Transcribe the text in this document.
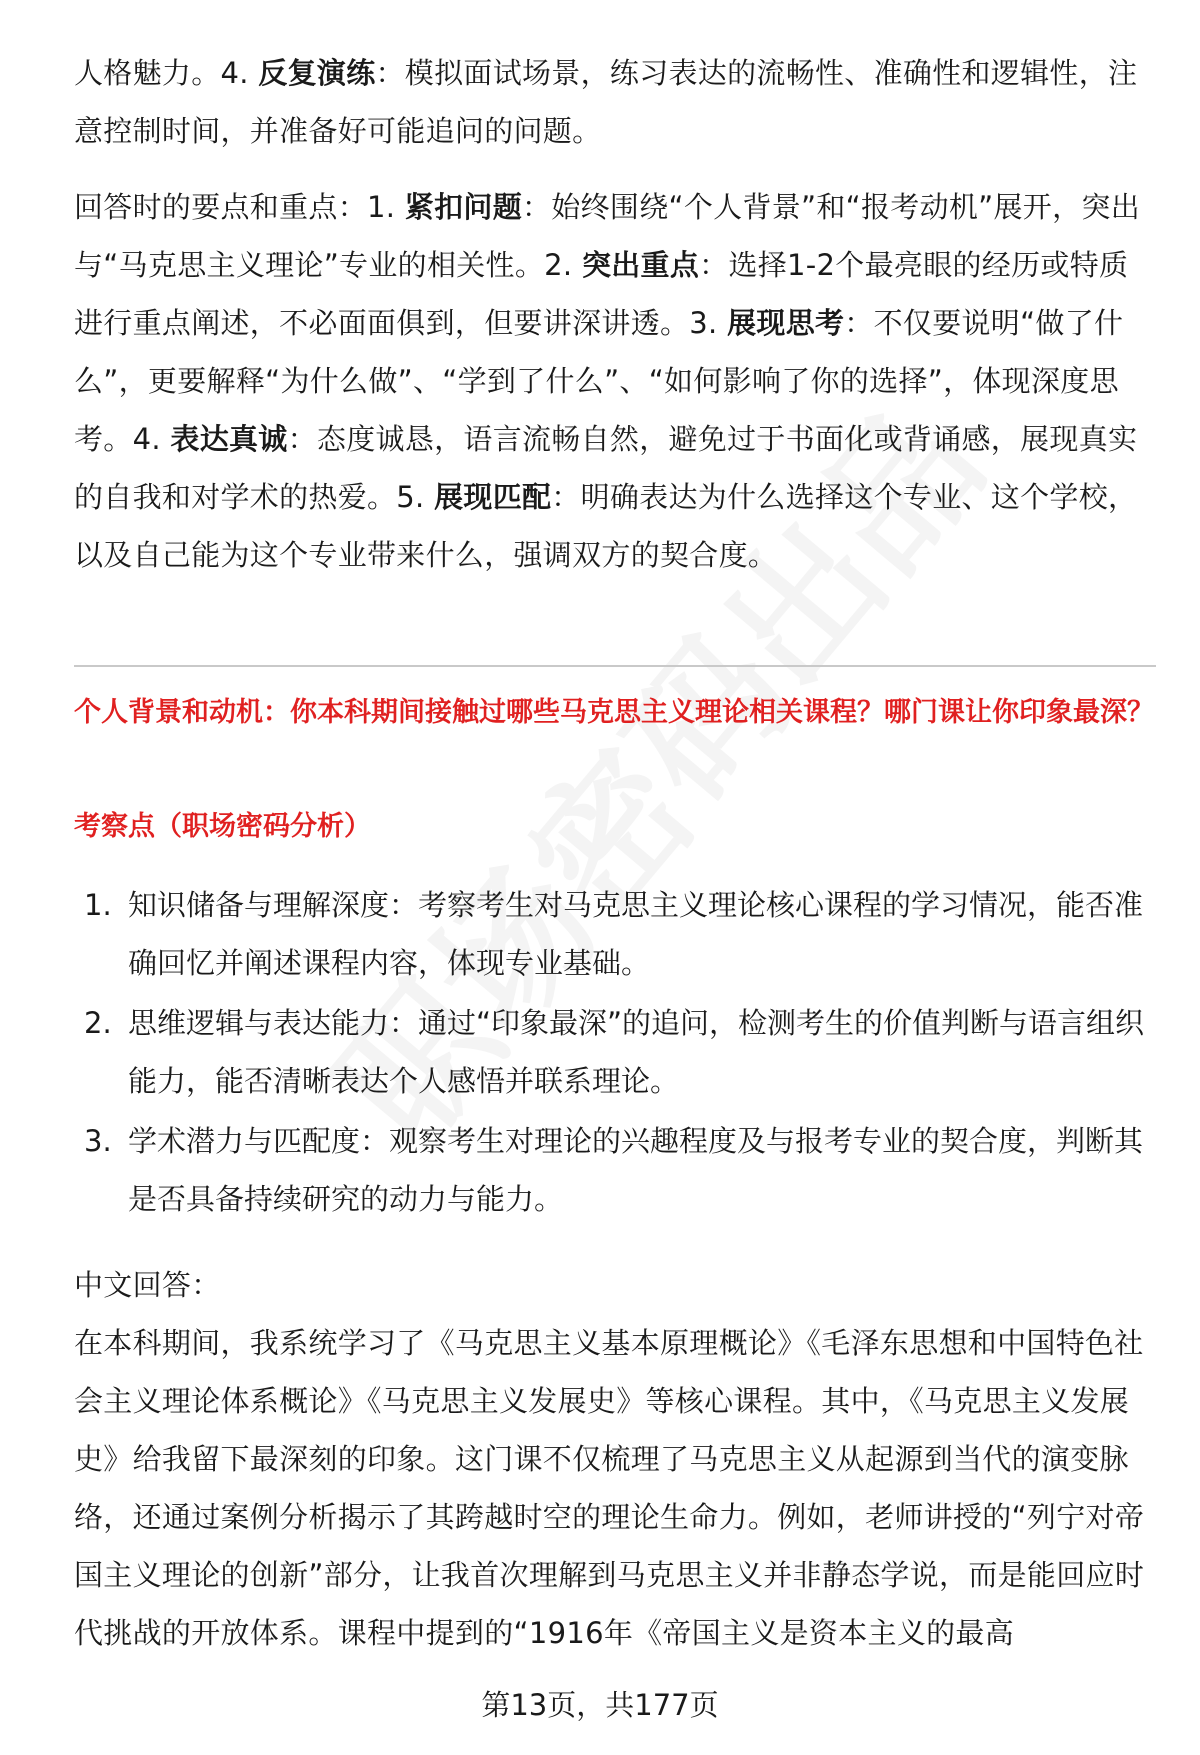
人格魅力。4. 反复演练：模拟面试场景，练习表达的流畅性、准确性和逻辑性，注意控制时间，并准备好可能追问的问题。

回答时的要点和重点：1. 紧扣问题：始终围绕“个人背景”和“报考动机”展开，突出与“马克思主义理论”专业的相关性。2. 突出重点：选择1-2个最亮眼的经历或特质进行重点阐述，不必面面俱到，但要讲深讲透。3. 展现思考：不仅要说明“做了什么”，更要解释“为什么做”、“学到了什么”、“如何影响了你的选择”，体现深度思考。4. 表达真诚：态度诚恳，语言流畅自然，避免过于书面化或背诵感，展现真实的自我和对学术的热爱。5. 展现匹配：明确表达为什么选择这个专业、这个学校，以及自己能为这个专业带来什么，强调双方的契合度。

个人背景和动机：你本科期间接触过哪些马克思主义理论相关课程？哪门课让你印象最深？

考察点（职场密码分析）

1. 知识储备与理解深度：考察考生对马克思主义理论核心课程的学习情况，能否准确回忆并阐述课程内容，体现专业基础。
2. 思维逻辑与表达能力：通过“印象最深”的追问，检测考生的价值判断与语言组织能力，能否清晰表达个人感悟并联系理论。
3. 学术潜力与匹配度：观察考生对理论的兴趣程度及与报考专业的契合度，判断其是否具备持续研究的动力与能力。

中文回答：

在本科期间，我系统学习了《马克思主义基本原理概论》《毛泽东思想和中国特色社会主义理论体系概论》《马克思主义发展史》等核心课程。其中，《马克思主义发展史》给我留下最深刻的印象。这门课不仅梳理了马克思主义从起源到当代的演变脉络，还通过案例分析揭示了其跨越时空的理论生命力。例如，老师讲授的“列宁对帝国主义理论的创新”部分，让我首次理解到马克思主义并非静态学说，而是能回应时代挑战的开放体系。课程中提到的“1916年《帝国主义是资本主义的最高

第13页，共177页
